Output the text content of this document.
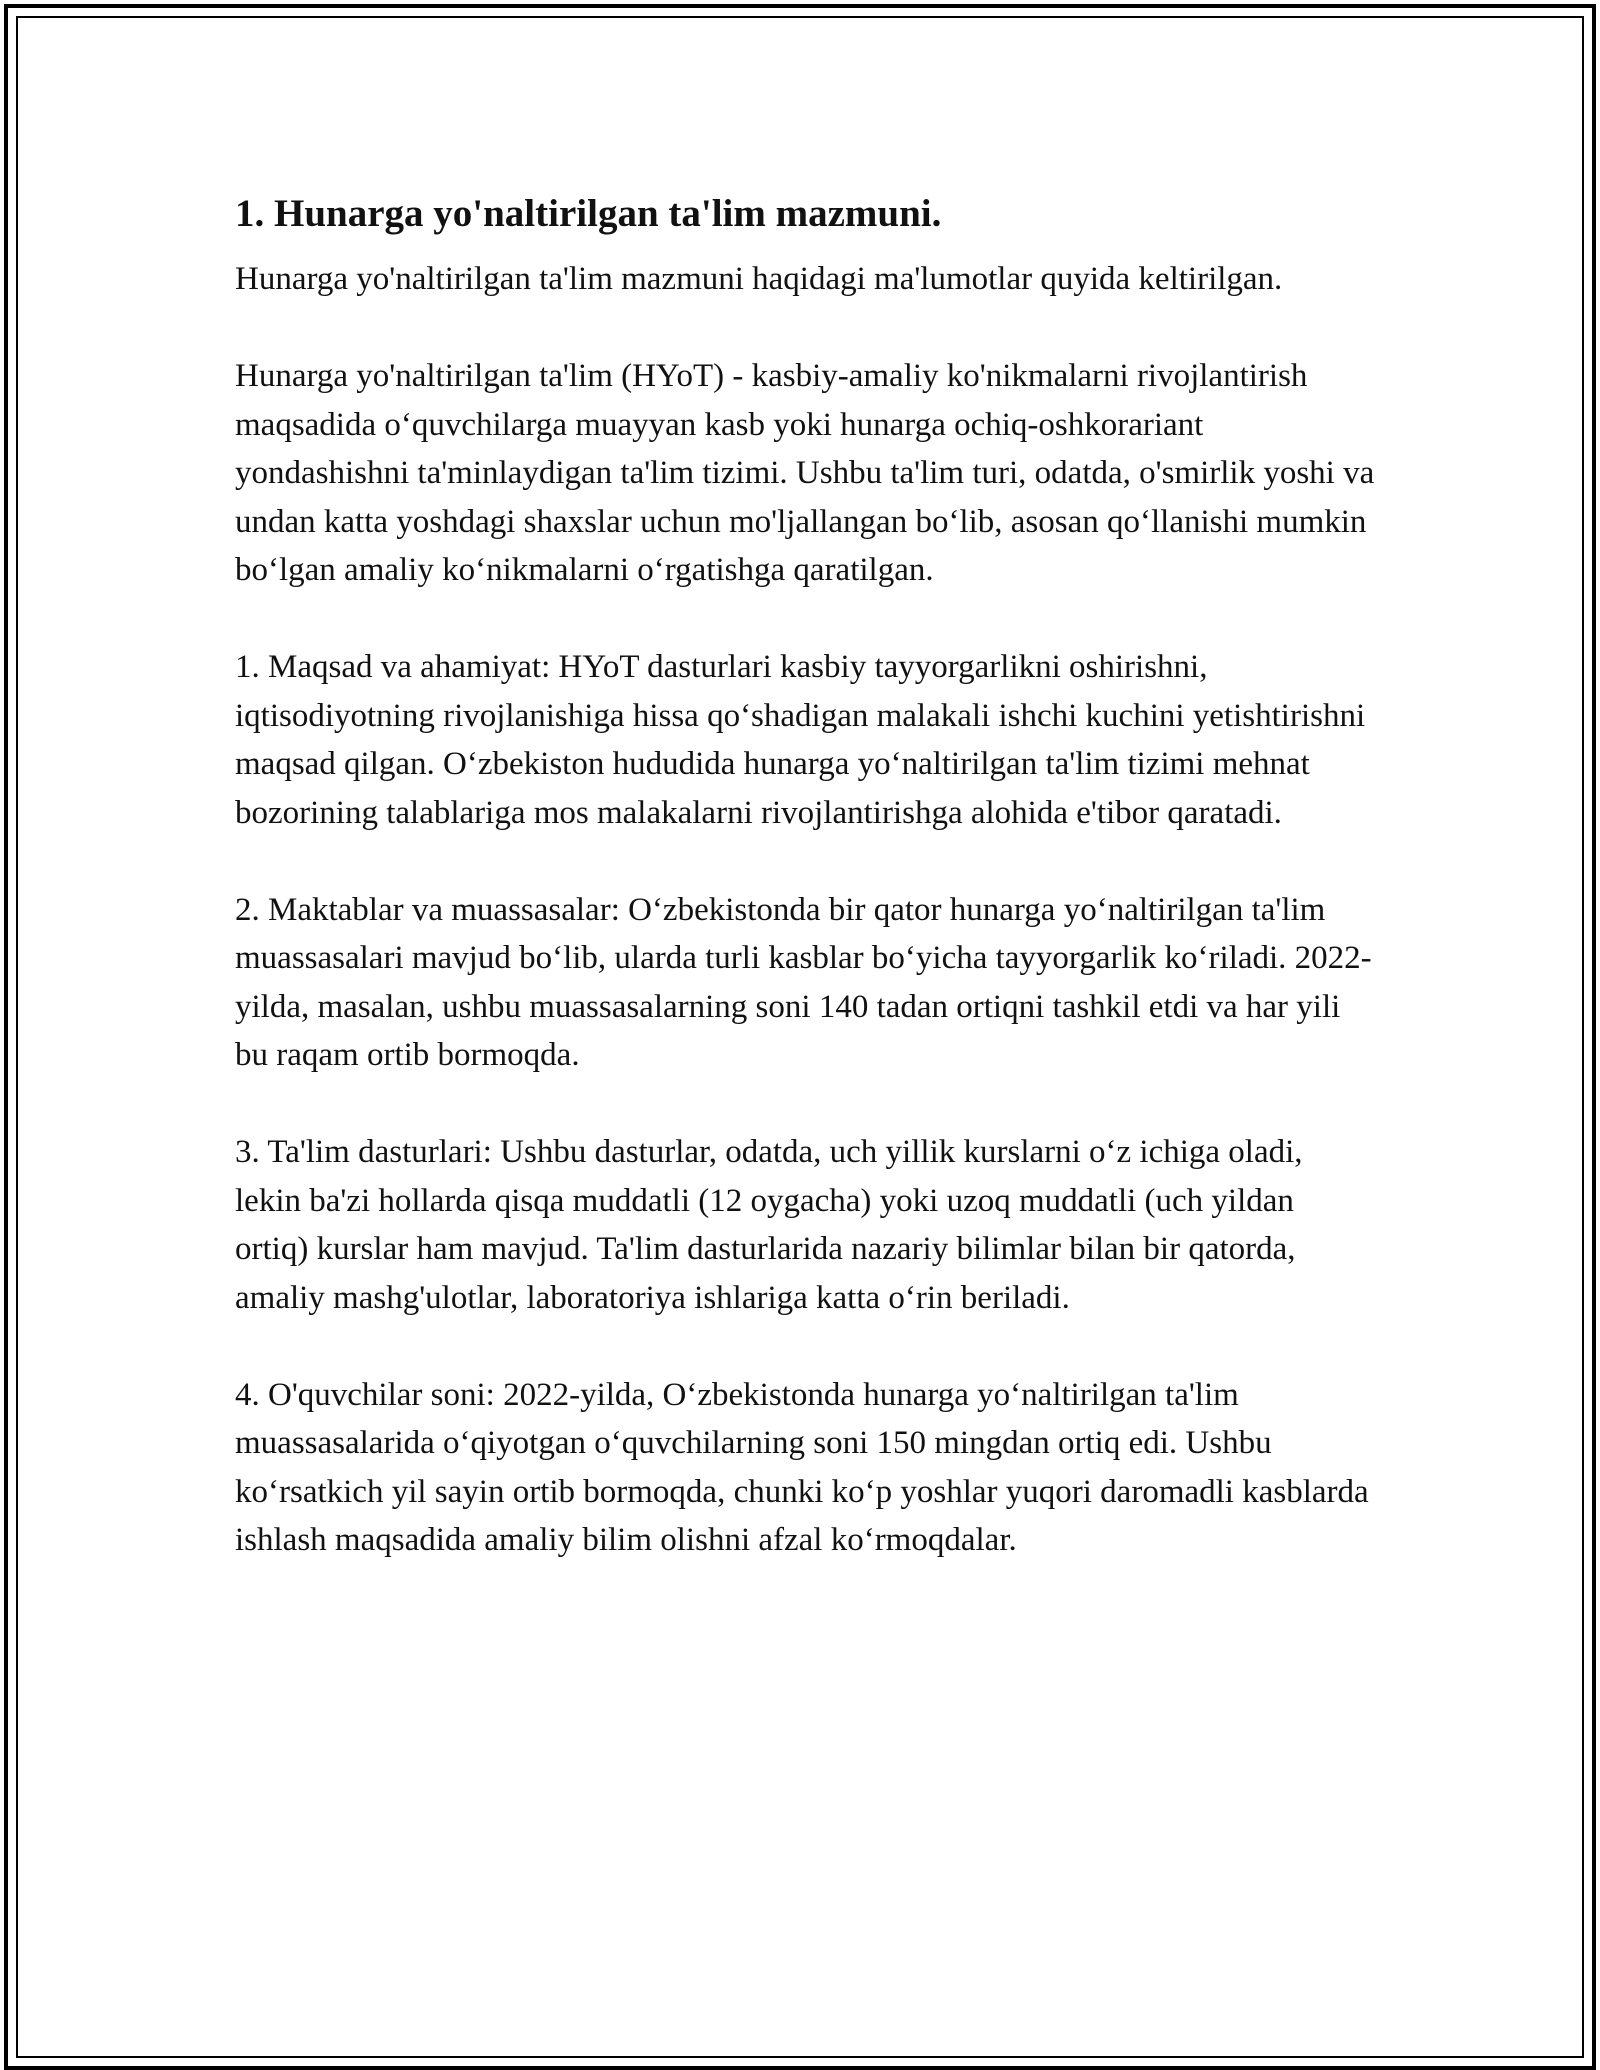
1. Hunarga yo'naltirilgan ta'lim mazmuni.

Hunarga yo'naltirilgan ta'lim mazmuni haqidagi ma'lumotlar quyida keltirilgan.

Hunarga yo'naltirilgan ta'lim (HYoT) - kasbiy-amaliy ko'nikmalarni rivojlantirish maqsadida oʻquvchilarga muayyan kasb yoki hunarga ochiq-oshkorariant yondashishni ta'minlaydigan ta'lim tizimi. Ushbu ta'lim turi, odatda, o'smirlik yoshi va undan katta yoshdagi shaxslar uchun mo'ljallangan boʻlib, asosan qoʻllanishi mumkin boʻlgan amaliy koʻnikmalarni oʻrgatishga qaratilgan.

1. Maqsad va ahamiyat: HYoT dasturlari kasbiy tayyorgarlikni oshirishni, iqtisodiyotning rivojlanishiga hissa qoʻshadigan malakali ishchi kuchini yetishtirishni maqsad qilgan. Oʻzbekiston hududida hunarga yoʻnaltirilgan ta'lim tizimi mehnat bozorining talablariga mos malakalarni rivojlantirishga alohida e'tibor qaratadi.

2. Maktablar va muassasalar: Oʻzbekistonda bir qator hunarga yoʻnaltirilgan ta'lim muassasalari mavjud boʻlib, ularda turli kasblar boʻyicha tayyorgarlik koʻriladi. 2022-yilda, masalan, ushbu muassasalarning soni 140 tadan ortiqni tashkil etdi va har yili bu raqam ortib bormoqda.

3. Ta'lim dasturlari: Ushbu dasturlar, odatda, uch yillik kurslarni oʻz ichiga oladi, lekin ba'zi hollarda qisqa muddatli (12 oygacha) yoki uzoq muddatli (uch yildan ortiq) kurslar ham mavjud. Ta'lim dasturlarida nazariy bilimlar bilan bir qatorda, amaliy mashg'ulotlar, laboratoriya ishlariga katta oʻrin beriladi.

4. O'quvchilar soni: 2022-yilda, Oʻzbekistonda hunarga yoʻnaltirilgan ta'lim muassasalarida oʻqiyotgan oʻquvchilarning soni 150 mingdan ortiq edi. Ushbu koʻrsatkich yil sayin ortib bormoqda, chunki koʻp yoshlar yuqori daromadli kasblarda ishlash maqsadida amaliy bilim olishni afzal koʻrmoqdalar.
